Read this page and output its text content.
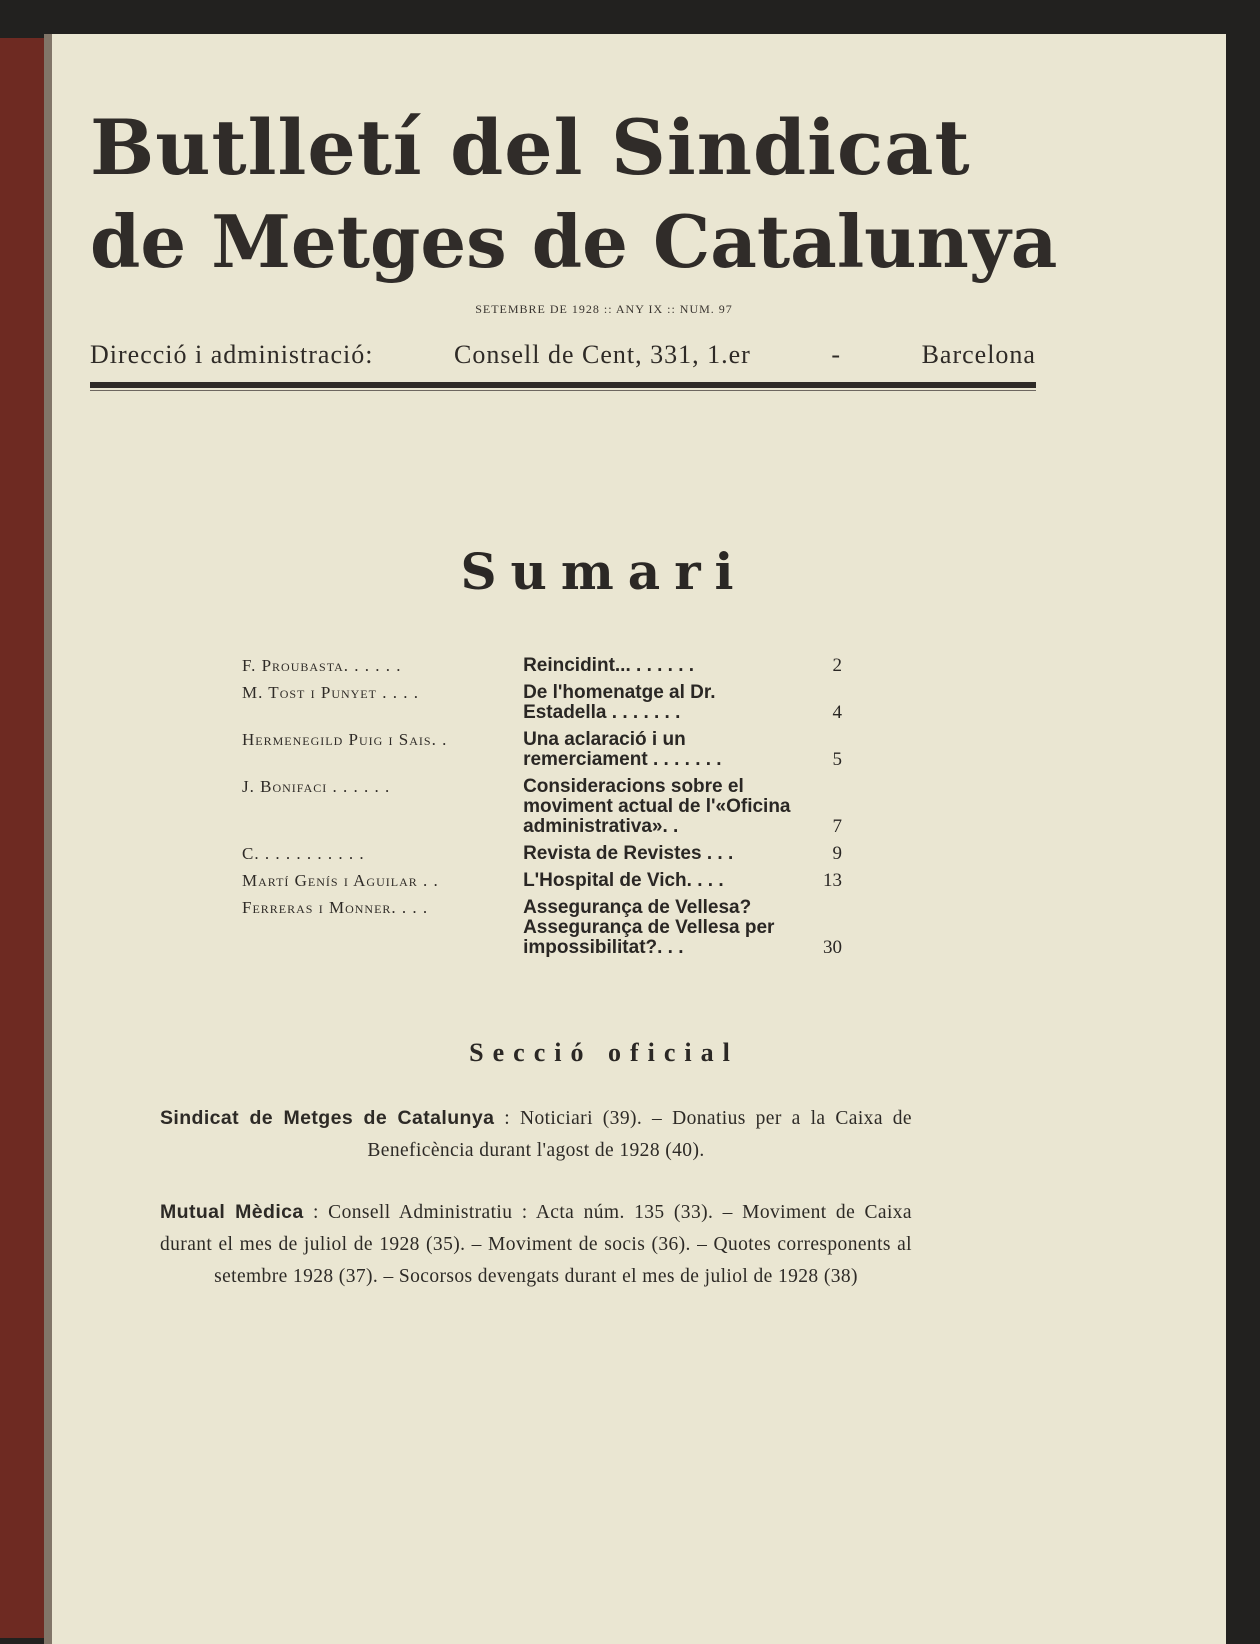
Butlletí del Sindicat
de Metges de Catalunya
SETEMBRE DE 1928 :: ANY IX :: NUM. 97
Direcció i administració:	Consell de Cent, 331, 1.er	-	Barcelona
Sumari
F. Proubasta. . . . . .	Reincidint... . . . . . .	2
M. Tost i Punyet . . . .	De l'homenatge al Dr. Estadella . . . . . . .	4
Hermenegild Puig i Sais. .	Una aclaració i un remerciament . . . . . . .	5
J. Bonifaci . . . . . .	Consideracions sobre el moviment actual de l'«Oficina administrativa». .	7
C. . . . . . . . . . .	Revista de Revistes . . .	9
Martí Genís i Aguilar . .	L'Hospital de Vich. . . .	13
Ferreras i Monner. . . .	Assegurança de Vellesa? Assegurança de Vellesa per impossibilitat?. . .	30
Secció oficial

Sindicat de Metges de Catalunya : Noticiari (39). – Donatius per a la Caixa de Beneficència durant l'agost de 1928 (40).

Mutual Mèdica : Consell Administratiu : Acta núm. 135 (33). – Moviment de Caixa durant el mes de juliol de 1928 (35). – Moviment de socis (36). – Quotes corresponents al setembre 1928 (37). – Socorsos devengats durant el mes de juliol de 1928 (38)
